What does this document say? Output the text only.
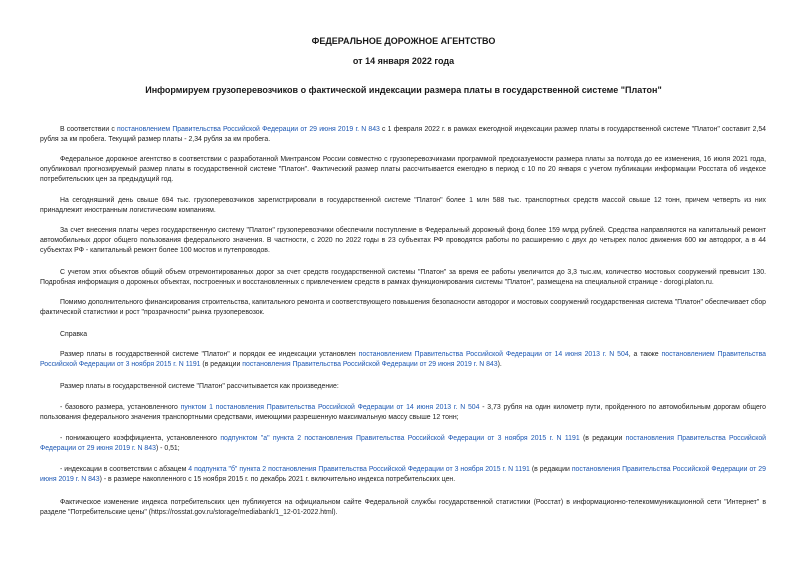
ФЕДЕРАЛЬНОЕ ДОРОЖНОЕ АГЕНТСТВО
от 14 января 2022 года
Информируем грузоперевозчиков о фактической индексации размера платы в государственной системе "Платон"
В соответствии с постановлением Правительства Российской Федерации от 29 июня 2019 г. N 843 с 1 февраля 2022 г. в рамках ежегодной индексации размер платы в государственной системе "Платон" составит 2,54 рубля за км пробега. Текущий размер платы - 2,34 рубля за км пробега.
Федеральное дорожное агентство в соответствии с разработанной Минтрансом России совместно с грузоперевозчиками программой предсказуемости размера платы за полгода до ее изменения, 16 июля 2021 года, опубликовал прогнозируемый размер платы в государственной системе "Платон". Фактический размер платы рассчитывается ежегодно в период с 10 по 20 января с учетом публикации информации Росстата об индексе потребительских цен за предыдущий год.
На сегодняшний день свыше 694 тыс. грузоперевозчиков зарегистрировали в государственной системе "Платон" более 1 млн 588 тыс. транспортных средств массой свыше 12 тонн, причем четверть из них принадлежит иностранным логистическим компаниям.
За счет внесения платы через государственную систему "Платон" грузоперевозчики обеспечили поступление в Федеральный дорожный фонд более 159 млрд рублей. Средства направляются на капитальный ремонт автомобильных дорог общего пользования федерального значения. В частности, с 2020 по 2022 годы в 23 субъектах РФ проводятся работы по расширению с двух до четырех полос движения 600 км автодорог, а в 44 субъектах РФ - капитальный ремонт более 100 мостов и путепроводов.
С учетом этих объектов общий объем отремонтированных дорог за счет средств государственной системы "Платон" за время ее работы увеличится до 3,3 тыс.км, количество мостовых сооружений превысит 130. Подробная информация о дорожных объектах, построенных и восстановленных с привлечением средств в рамках функционирования системы "Платон", размещена на специальной странице - dorogi.platon.ru.
Помимо дополнительного финансирования строительства, капитального ремонта и соответствующего повышения безопасности автодорог и мостовых сооружений государственная система "Платон" обеспечивает сбор фактической статистики и рост "прозрачности" рынка грузоперевозок.
Справка
Размер платы в государственной системе "Платон" и порядок ее индексации установлен постановлением Правительства Российской Федерации от 14 июня 2013 г. N 504, а также постановлением Правительства Российской Федерации от 3 ноября 2015 г. N 1191 (в редакции постановления Правительства Российской Федерации от 29 июня 2019 г. N 843).
Размер платы в государственной системе "Платон" рассчитывается как произведение:
- базового размера, установленного пунктом 1 постановления Правительства Российской Федерации от 14 июня 2013 г. N 504 - 3,73 рубля на один километр пути, пройденного по автомобильным дорогам общего пользования федерального значения транспортными средствами, имеющими разрешенную максимальную массу свыше 12 тонн;
- понижающего коэффициента, установленного подпунктом "а" пункта 2 постановления Правительства Российской Федерации от 3 ноября 2015 г. N 1191 (в редакции постановления Правительства Российской Федерации от 29 июня 2019 г. N 843) - 0,51;
- индексации в соответствии с абзацем 4 подпункта "б" пункта 2 постановления Правительства Российской Федерации от 3 ноября 2015 г. N 1191 (в редакции постановления Правительства Российской Федерации от 29 июня 2019 г. N 843) - в размере накопленного с 15 ноября 2015 г. по декабрь 2021 г. включительно индекса потребительских цен.
Фактическое изменение индекса потребительских цен публикуется на официальном сайте Федеральной службы государственной статистики (Росстат) в информационно-телекоммуникационной сети "Интернет" в разделе "Потребительские цены" (https://rosstat.gov.ru/storage/mediabank/1_12-01-2022.html).
